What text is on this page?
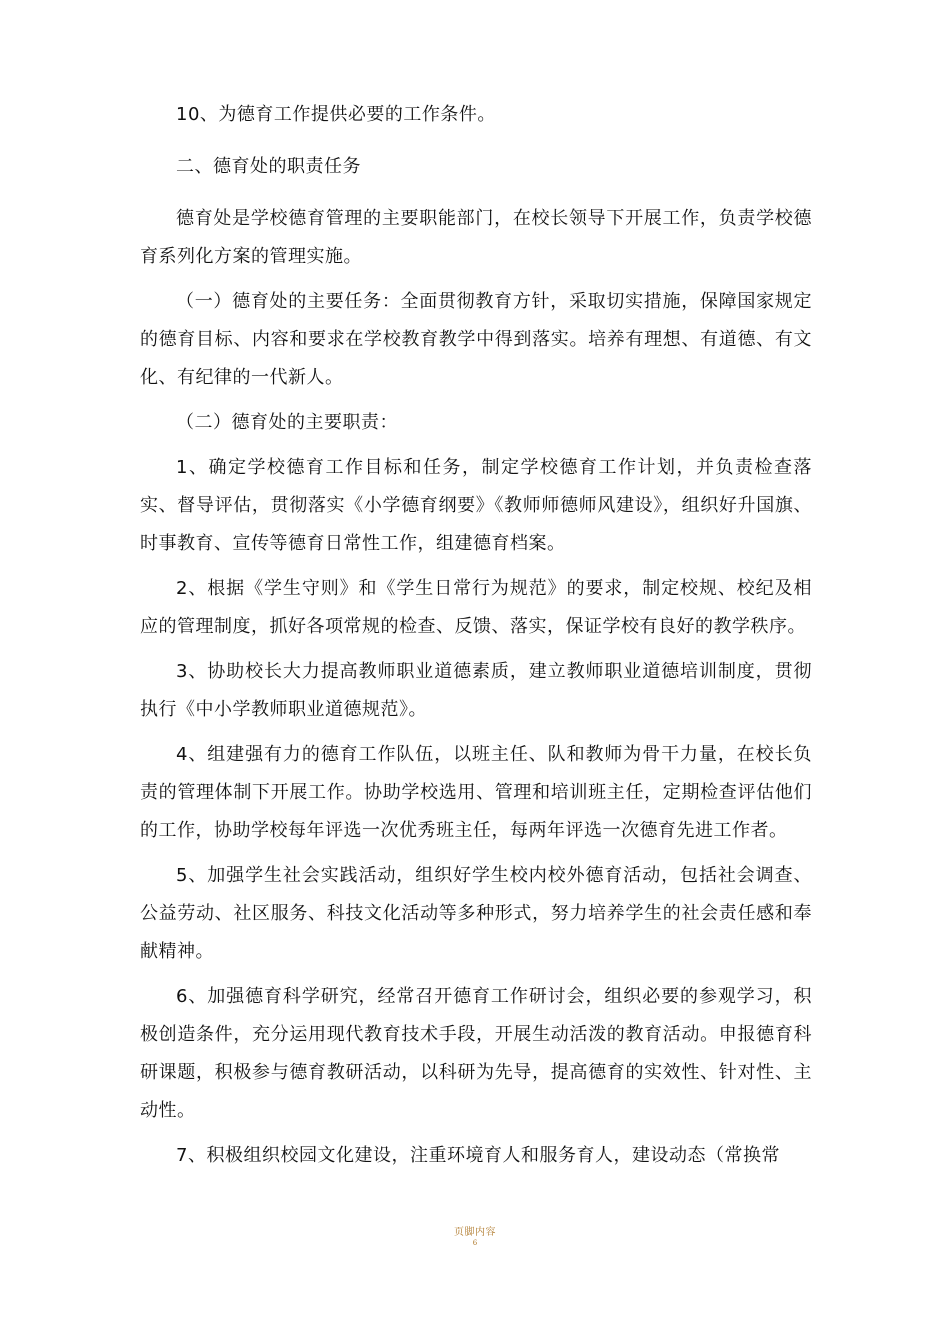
10、为德育工作提供必要的工作条件。

二、德育处的职责任务

德育处是学校德育管理的主要职能部门，在校长领导下开展工作，负责学校德育系列化方案的管理实施。

（一）德育处的主要任务：全面贯彻教育方针，采取切实措施，保障国家规定的德育目标、内容和要求在学校教育教学中得到落实。培养有理想、有道德、有文化、有纪律的一代新人。

（二）德育处的主要职责：

1、确定学校德育工作目标和任务，制定学校德育工作计划，并负责检查落实、督导评估，贯彻落实《小学德育纲要》《教师师德师风建设》，组织好升国旗、时事教育、宣传等德育日常性工作，组建德育档案。

2、根据《学生守则》和《学生日常行为规范》的要求，制定校规、校纪及相应的管理制度，抓好各项常规的检查、反馈、落实，保证学校有良好的教学秩序。

3、协助校长大力提高教师职业道德素质，建立教师职业道德培训制度，贯彻执行《中小学教师职业道德规范》。

4、组建强有力的德育工作队伍，以班主任、队和教师为骨干力量，在校长负责的管理体制下开展工作。协助学校选用、管理和培训班主任，定期检查评估他们的工作，协助学校每年评选一次优秀班主任，每两年评选一次德育先进工作者。

5、加强学生社会实践活动，组织好学生校内校外德育活动，包括社会调查、公益劳动、社区服务、科技文化活动等多种形式，努力培养学生的社会责任感和奉献精神。

6、加强德育科学研究，经常召开德育工作研讨会，组织必要的参观学习，积极创造条件，充分运用现代教育技术手段，开展生动活泼的教育活动。申报德育科研课题，积极参与德育教研活动，以科研为先导，提高德育的实效性、针对性、主动性。

7、积极组织校园文化建设，注重环境育人和服务育人，建设动态（常换常

页脚内容
6
